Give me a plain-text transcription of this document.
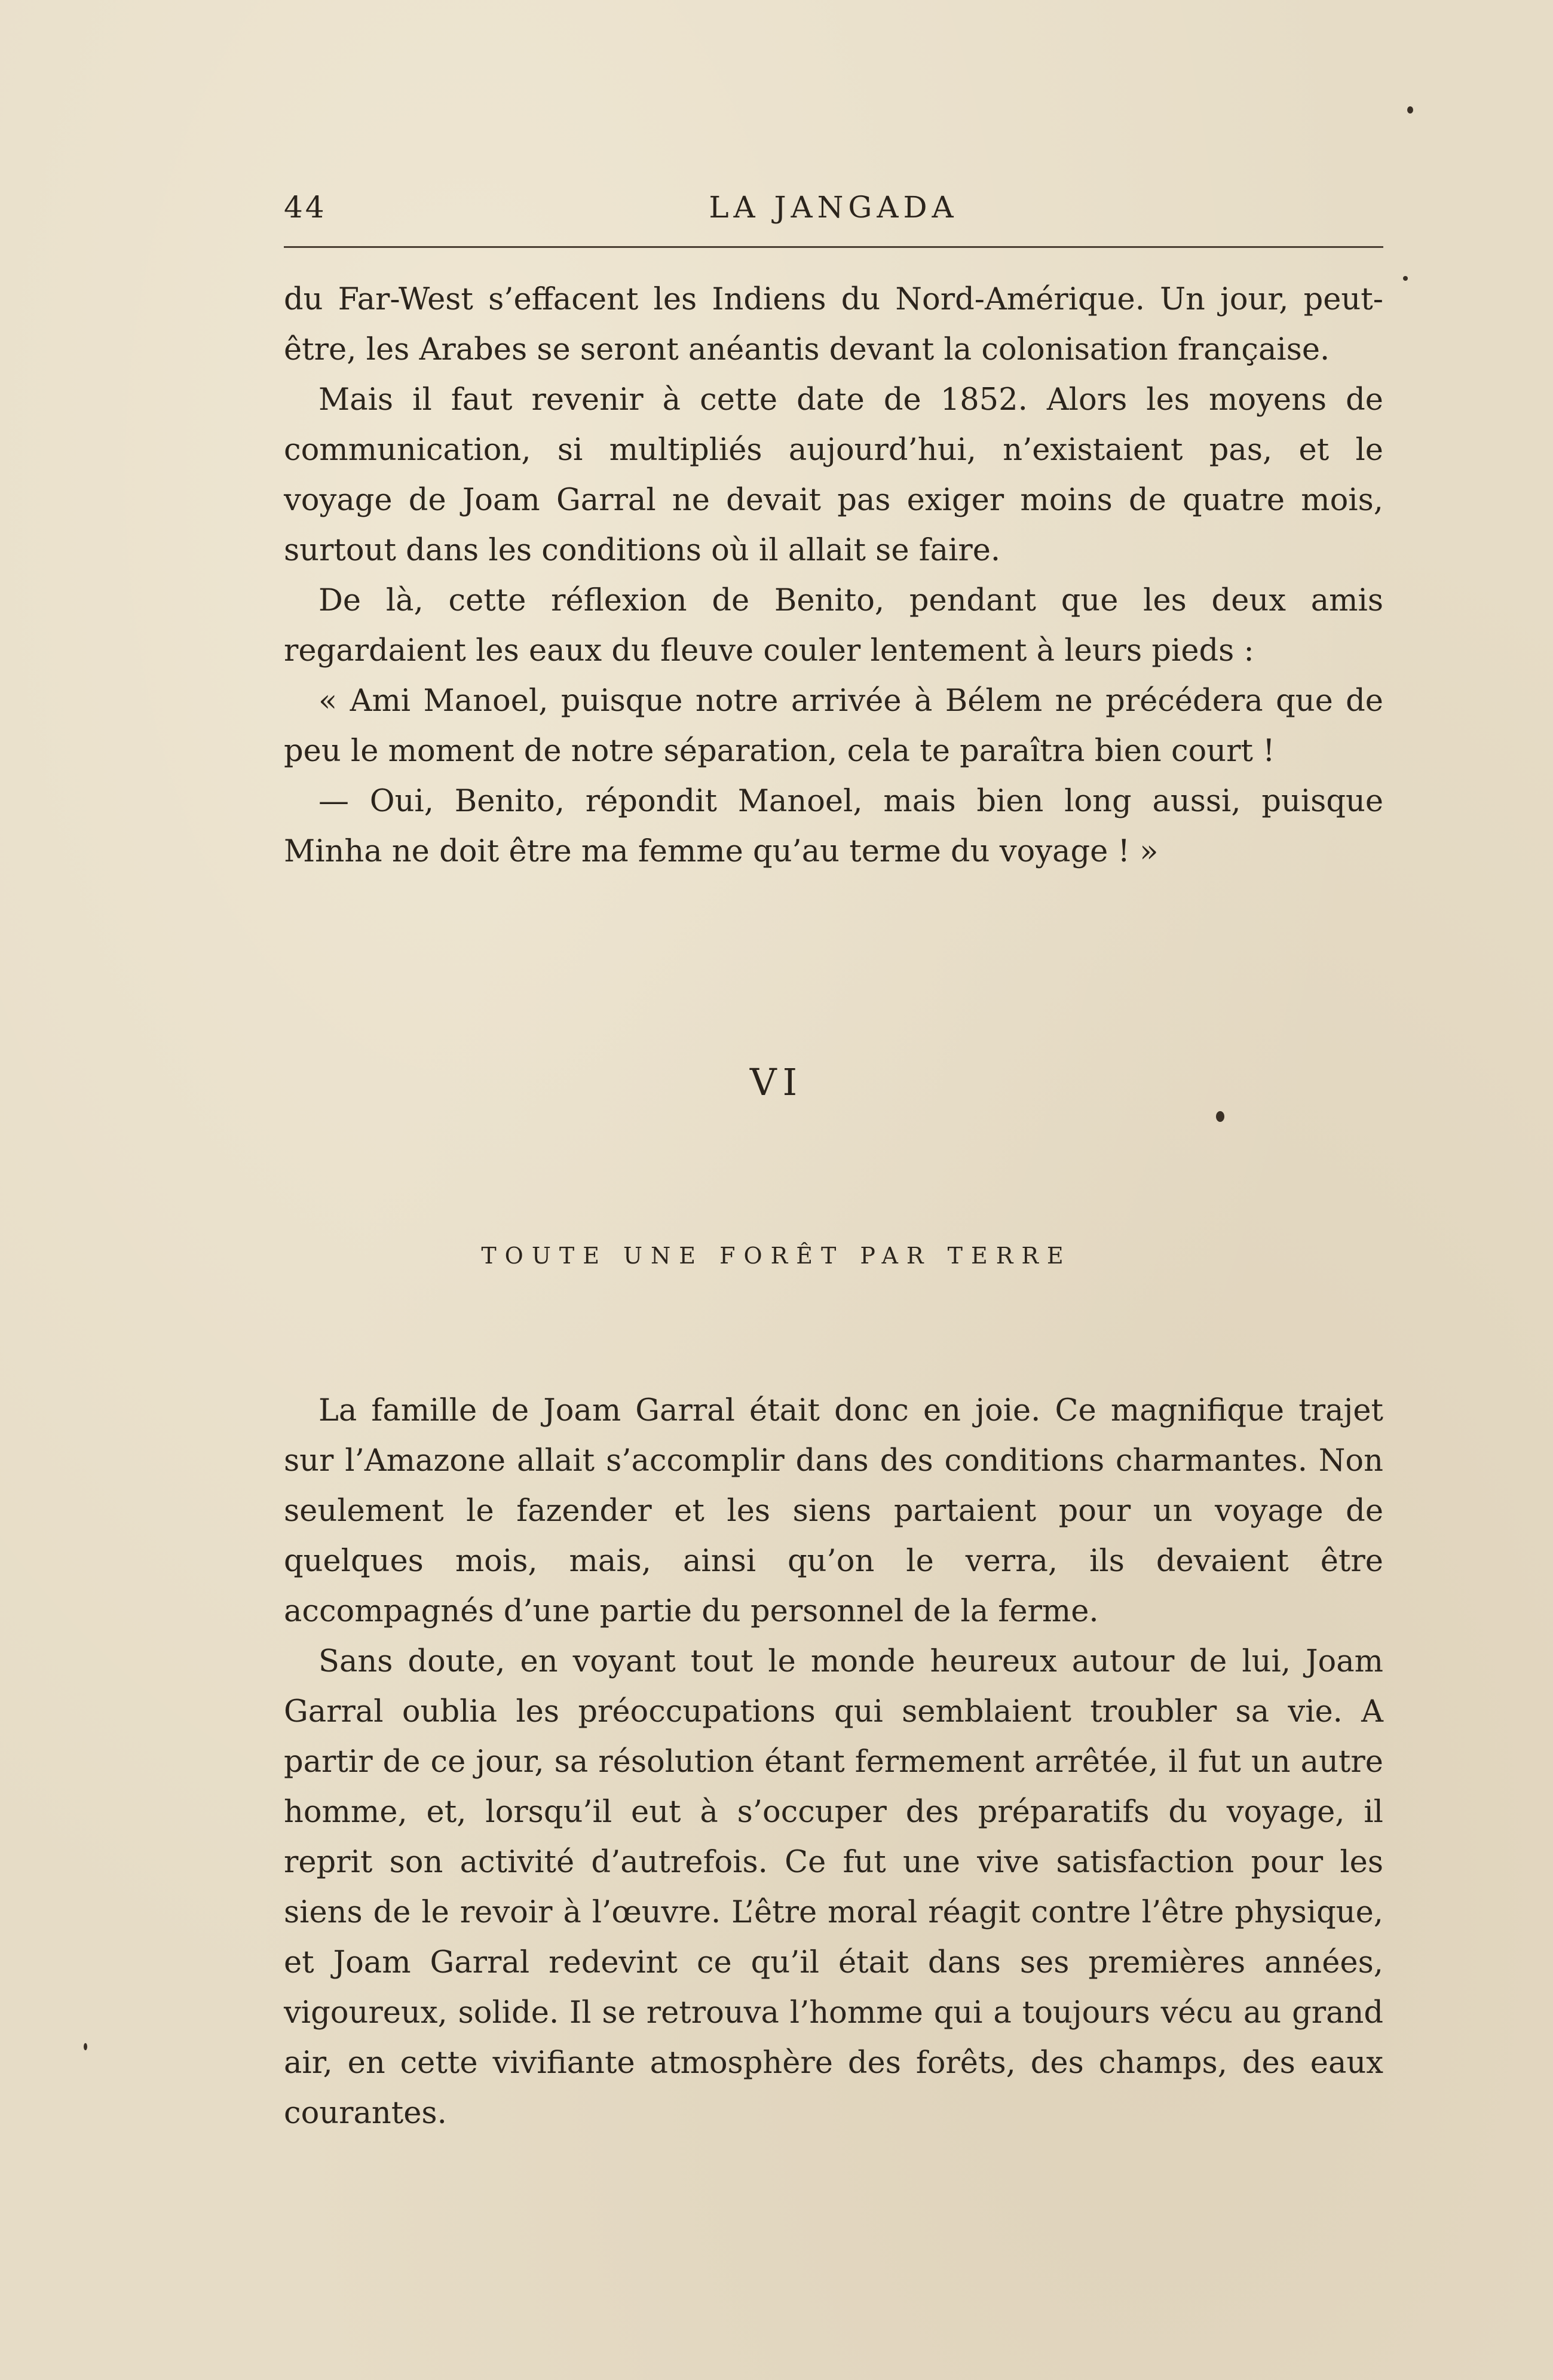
44	LA JANGADA

du Far-West s’effacent les Indiens du Nord-Amérique. Un jour, peut-être, les Arabes se seront anéantis devant la colonisation française.

Mais il faut revenir à cette date de 1852. Alors les moyens de communication, si multipliés aujourd’hui, n’existaient pas, et le voyage de Joam Garral ne devait pas exiger moins de quatre mois, surtout dans les conditions où il allait se faire.

De là, cette réflexion de Benito, pendant que les deux amis regardaient les eaux du fleuve couler lentement à leurs pieds :

« Ami Manoel, puisque notre arrivée à Bélem ne précédera que de peu le moment de notre séparation, cela te paraîtra bien court !

— Oui, Benito, répondit Manoel, mais bien long aussi, puisque Minha ne doit être ma femme qu’au terme du voyage ! »

VI
TOUTE UNE FORÊT PAR TERRE

La famille de Joam Garral était donc en joie. Ce magnifique trajet sur l’Amazone allait s’accomplir dans des conditions charmantes. Non seulement le fazender et les siens partaient pour un voyage de quelques mois, mais, ainsi qu’on le verra, ils devaient être accompagnés d’une partie du personnel de la ferme.

Sans doute, en voyant tout le monde heureux autour de lui, Joam Garral oublia les préoccupations qui semblaient troubler sa vie. A partir de ce jour, sa résolution étant fermement arrêtée, il fut un autre homme, et, lorsqu’il eut à s’occuper des préparatifs du voyage, il reprit son activité d’autrefois. Ce fut une vive satisfaction pour les siens de le revoir à l’œuvre. L’être moral réagit contre l’être physique, et Joam Garral redevint ce qu’il était dans ses premières années, vigoureux, solide. Il se retrouva l’homme qui a toujours vécu au grand air, en cette vivifiante atmosphère des forêts, des champs, des eaux courantes.
